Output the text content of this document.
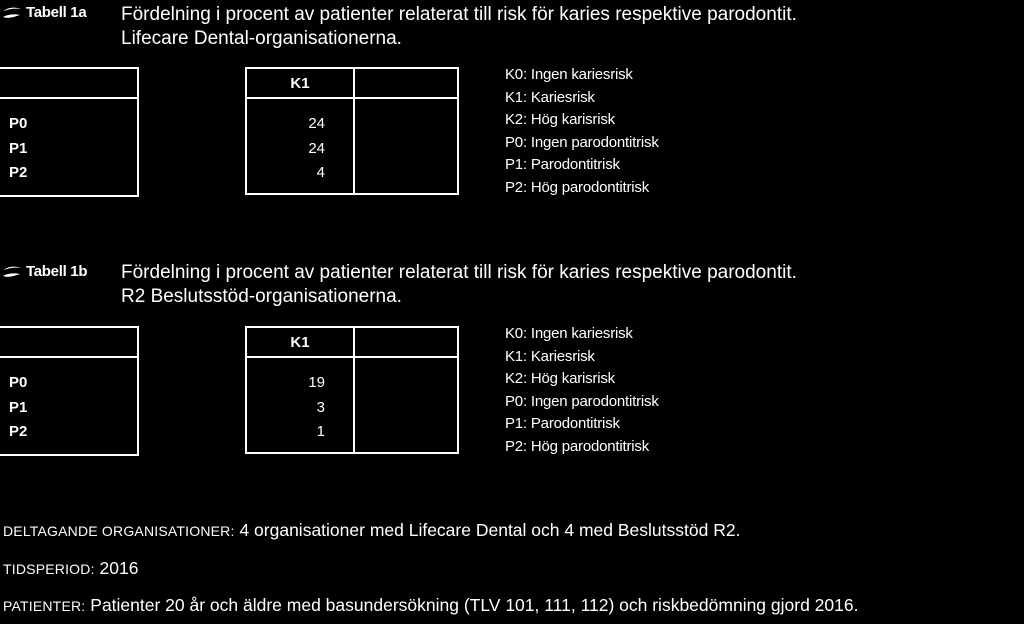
Tabell 1a Fördelning i procent av patienter relaterat till risk för karies respektive parodontit.
Lifecare Dental-organisationerna.
P0
P1
P2
K1
24
24
4
K0: Ingen kariesrisk
K1: Kariesrisk
K2: Hög karisrisk
P0: Ingen parodontitrisk
P1: Parodontitrisk
P2: Hög parodontitrisk
Tabell 1b Fördelning i procent av patienter relaterat till risk för karies respektive parodontit.
R2 Beslutsstöd-organisationerna.
P0
P1
P2
K1
19
3
1
K0: Ingen kariesrisk
K1: Kariesrisk
K2: Hög karisrisk
P0: Ingen parodontitrisk
P1: Parodontitrisk
P2: Hög parodontitrisk
DELTAGANDE ORGANISATIONER: 4 organisationer med Lifecare Dental och 4 med Beslutsstöd R2.
TIDSPERIOD: 2016
PATIENTER: Patienter 20 år och äldre med basundersökning (TLV 101, 111, 112) och riskbedömning gjord 2016.
